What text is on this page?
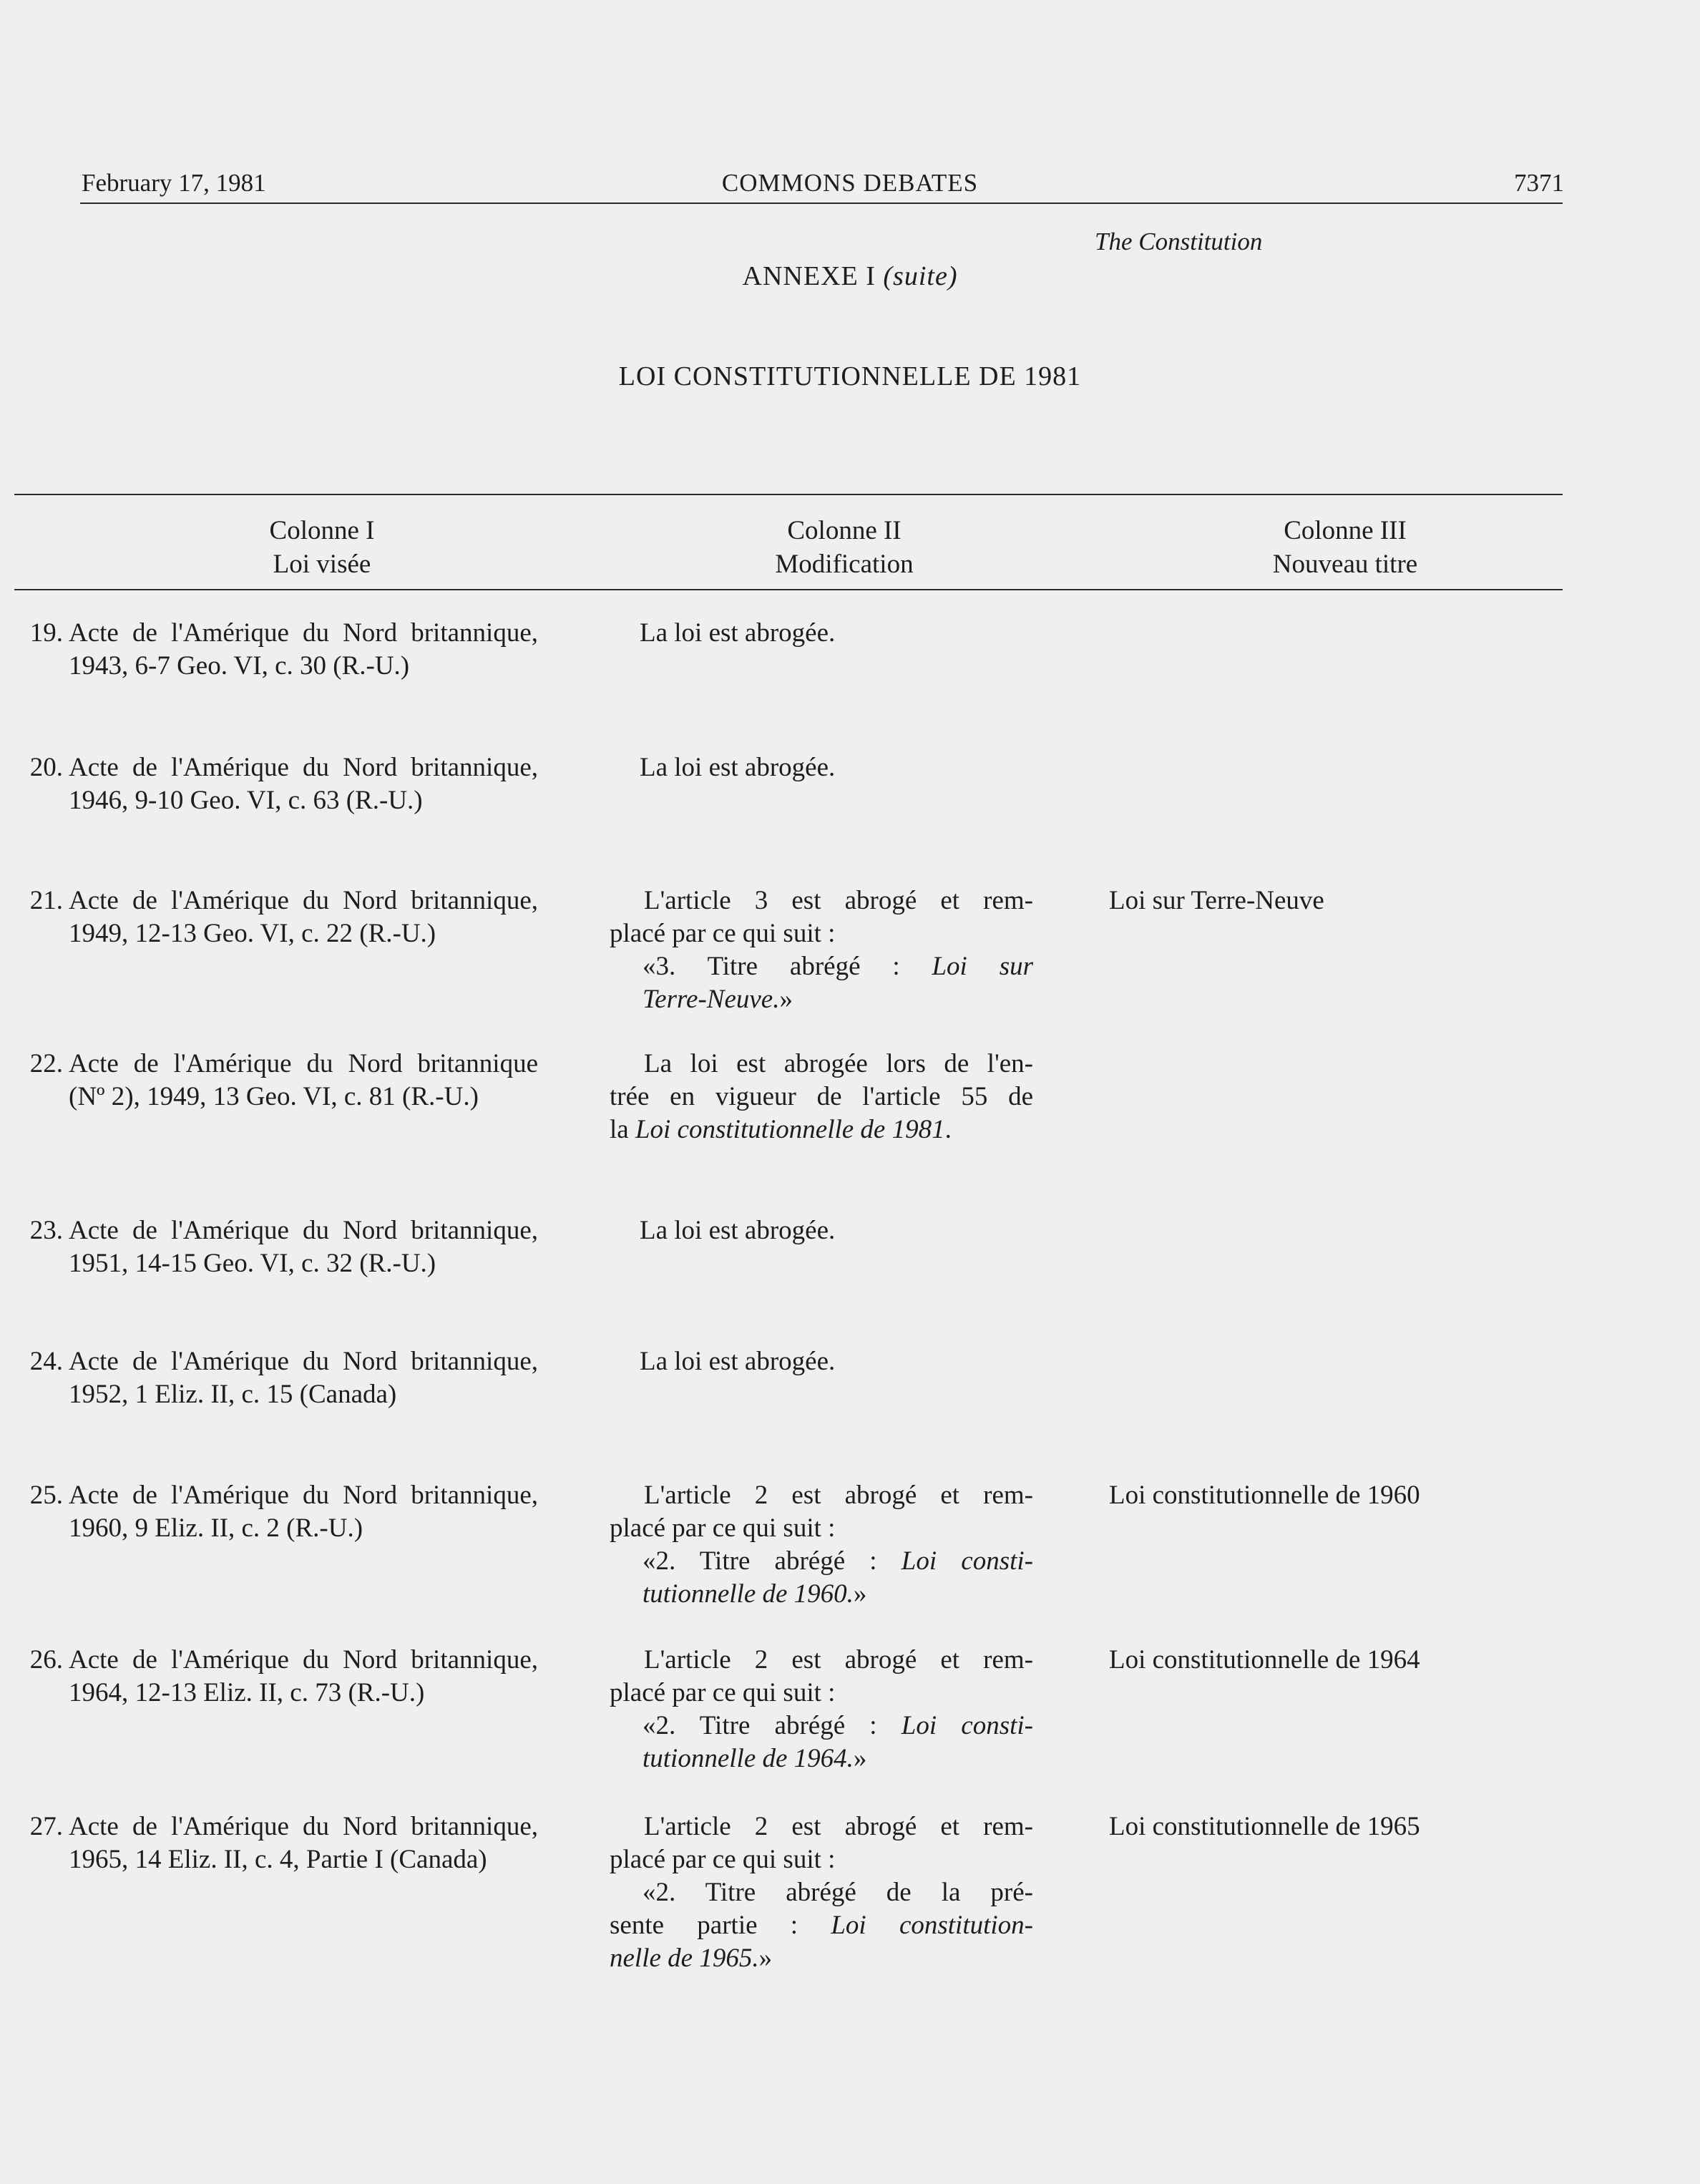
February 17, 1981	COMMONS DEBATES	7371
The Constitution
ANNEXE I (suite)
LOI CONSTITUTIONNELLE DE 1981
Colonne I
Loi visée
Colonne II
Modification
Colonne III
Nouveau titre
19. Acte de l'Amérique du Nord britannique, 1943, 6-7 Geo. VI, c. 30 (R.-U.)
La loi est abrogée.
20. Acte de l'Amérique du Nord britannique, 1946, 9-10 Geo. VI, c. 63 (R.-U.)
La loi est abrogée.
21. Acte de l'Amérique du Nord britannique, 1949, 12-13 Geo. VI, c. 22 (R.-U.)
L'article 3 est abrogé et rem-
placé par ce qui suit :
«3. Titre abrégé : Loi sur
Terre-Neuve.»
Loi sur Terre-Neuve
22. Acte de l'Amérique du Nord britannique (Nº 2), 1949, 13 Geo. VI, c. 81 (R.-U.)
La loi est abrogée lors de l'en-
trée en vigueur de l'article 55 de
la Loi constitutionnelle de 1981.
23. Acte de l'Amérique du Nord britannique, 1951, 14-15 Geo. VI, c. 32 (R.-U.)
La loi est abrogée.
24. Acte de l'Amérique du Nord britannique, 1952, 1 Eliz. II, c. 15 (Canada)
La loi est abrogée.
25. Acte de l'Amérique du Nord britannique, 1960, 9 Eliz. II, c. 2 (R.-U.)
L'article 2 est abrogé et rem-
placé par ce qui suit :
«2. Titre abrégé : Loi consti-
tutionnelle de 1960.»
Loi constitutionnelle de 1960
26. Acte de l'Amérique du Nord britannique, 1964, 12-13 Eliz. II, c. 73 (R.-U.)
L'article 2 est abrogé et rem-
placé par ce qui suit :
«2. Titre abrégé : Loi consti-
tutionnelle de 1964.»
Loi constitutionnelle de 1964
27. Acte de l'Amérique du Nord britannique, 1965, 14 Eliz. II, c. 4, Partie I (Canada)
L'article 2 est abrogé et rem-
placé par ce qui suit :
«2. Titre abrégé de la pré-
sente partie : Loi constitution-
nelle de 1965.»
Loi constitutionnelle de 1965
